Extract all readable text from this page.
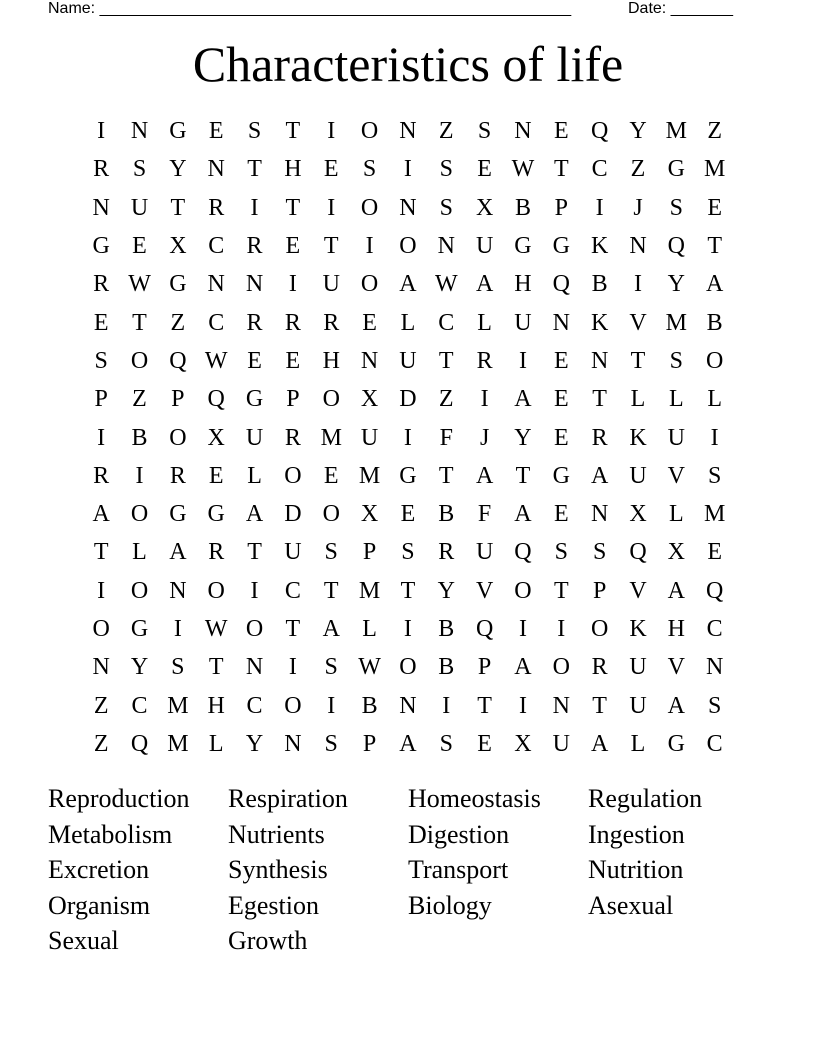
Name: _____________________________________________________	Date: _______
Characteristics of life
I	N G E	S	T	I	O N Z	S N E Q Y M Z
R S Y N T H E	S	I	S	E W T C Z G M
N U T R	I	T	I	O N S X B P	I	J	S	E
G E X C R E T	I	O N U G G K N Q T
R W G N N	I	U O A W A H Q B	I	Y A
E T Z C R R R E L C L U N K V M B
S O Q W E E H N U T R	I	E N T	S O
P	Z	P Q G P O X D Z	I	A E T L L L
I	B O X U R M U	I	F	J	Y E R K U	I
R	I	R E L O E M G T A T G A U V S
A O G G A D O X E B F A E N X L M
T L A R T U S	P	S R U Q S	S Q X E
I	O N O	I	C T M T Y V O T	P V A Q
O G	I W O T A L	I	B Q	I	I	O K H C
N Y S	T N	I	S W O B P A O R U V N
Z C M H C O	I	B N	I	T	I	N T U A S
Z Q M L Y N S	P A S	E X U A L G C
Reproduction	Respiration	Homeostasis	Regulation
Metabolism	Nutrients	Digestion	Ingestion
Excretion	Synthesis	Transport	Nutrition
Organism	Egestion	Biology	Asexual
Sexual	Growth
